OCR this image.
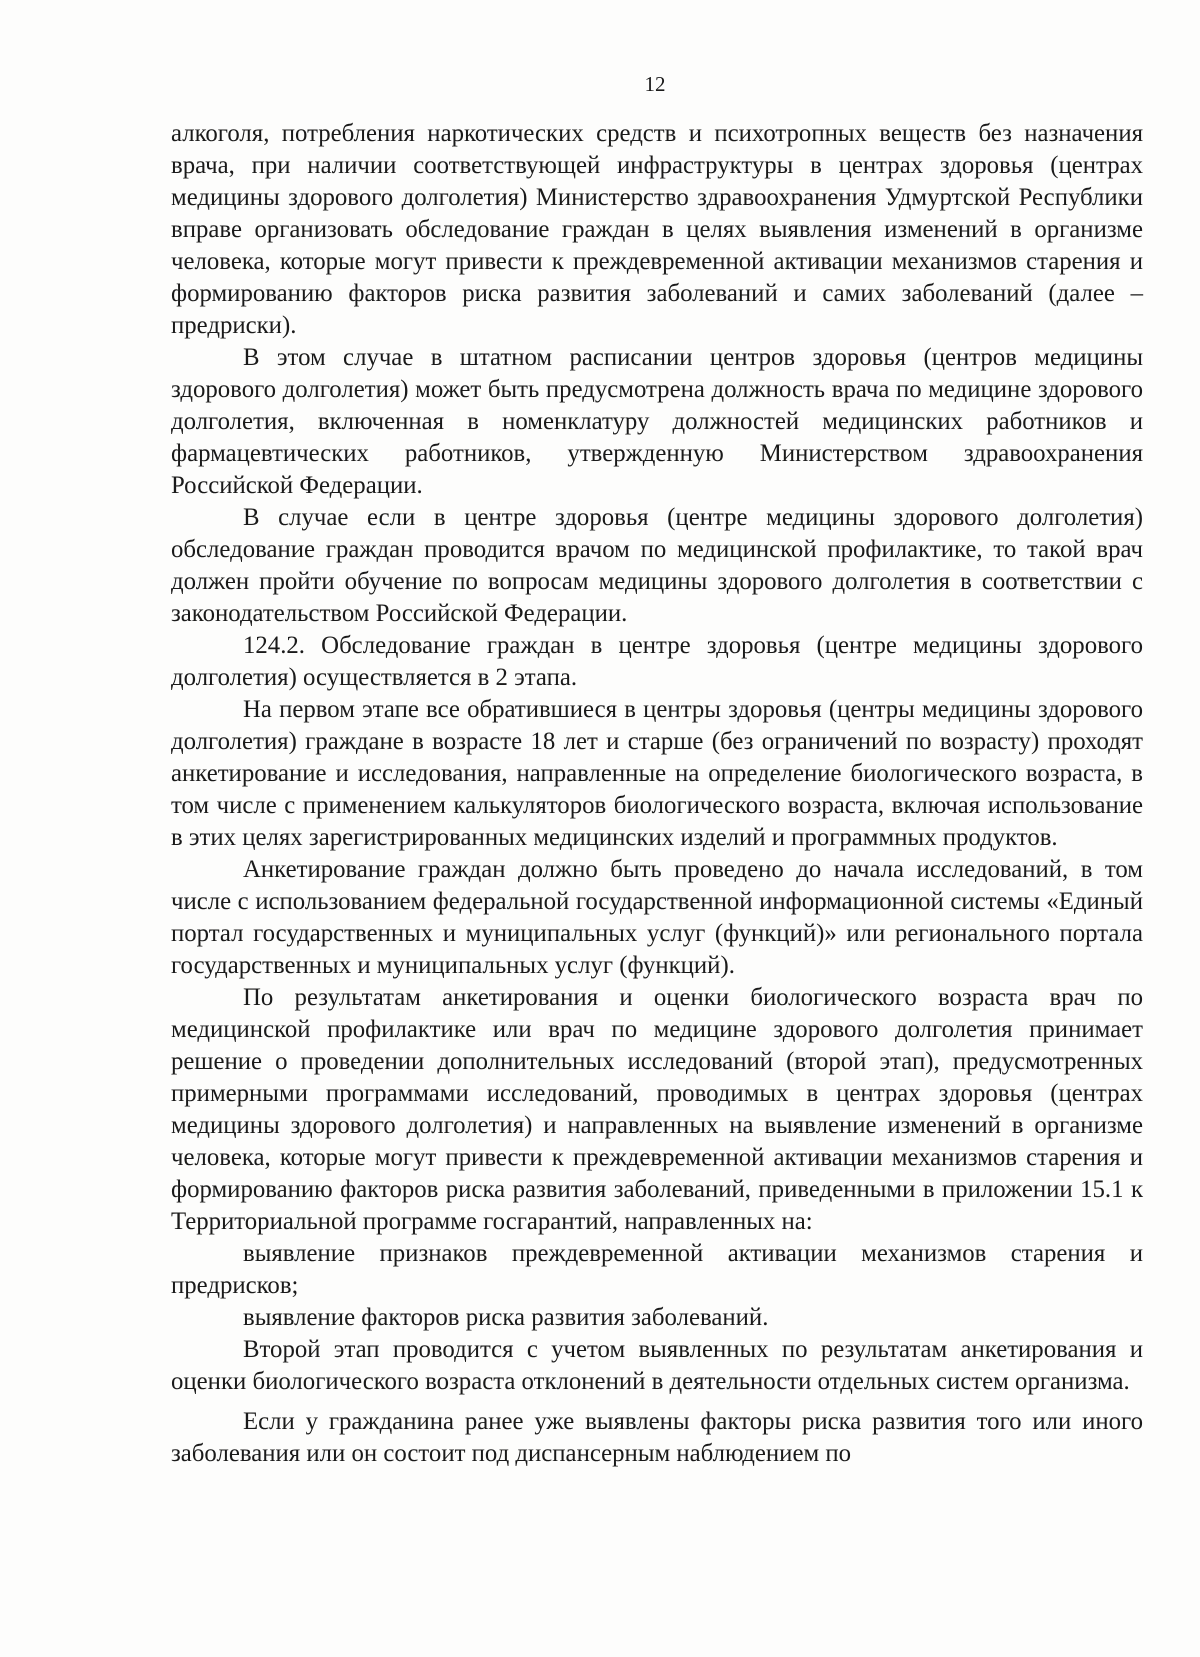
12

алкоголя, потребления наркотических средств и психотропных веществ без назначения врача, при наличии соответствующей инфраструктуры в центрах здоровья (центрах медицины здорового долголетия) Министерство здравоохранения Удмуртской Республики вправе организовать обследование граждан в целях выявления изменений в организме человека, которые могут привести к преждевременной активации механизмов старения и формированию факторов риска развития заболеваний и самих заболеваний (далее – предриски).

В этом случае в штатном расписании центров здоровья (центров медицины здорового долголетия) может быть предусмотрена должность врача по медицине здорового долголетия, включенная в номенклатуру должностей медицинских работников и фармацевтических работников, утвержденную Министерством здравоохранения Российской Федерации.

В случае если в центре здоровья (центре медицины здорового долголетия) обследование граждан проводится врачом по медицинской профилактике, то такой врач должен пройти обучение по вопросам медицины здорового долголетия в соответствии с законодательством Российской Федерации.

124.2. Обследование граждан в центре здоровья (центре медицины здорового долголетия) осуществляется в 2 этапа.

На первом этапе все обратившиеся в центры здоровья (центры медицины здорового долголетия) граждане в возрасте 18 лет и старше (без ограничений по возрасту) проходят анкетирование и исследования, направленные на определение биологического возраста, в том числе с применением калькуляторов биологического возраста, включая использование в этих целях зарегистрированных медицинских изделий и программных продуктов.

Анкетирование граждан должно быть проведено до начала исследований, в том числе с использованием федеральной государственной информационной системы «Единый портал государственных и муниципальных услуг (функций)» или регионального портала государственных и муниципальных услуг (функций).

По результатам анкетирования и оценки биологического возраста врач по медицинской профилактике или врач по медицине здорового долголетия принимает решение о проведении дополнительных исследований (второй этап), предусмотренных примерными программами исследований, проводимых в центрах здоровья (центрах медицины здорового долголетия) и направленных на выявление изменений в организме человека, которые могут привести к преждевременной активации механизмов старения и формированию факторов риска развития заболеваний, приведенными в приложении 15.1 к Территориальной программе госгарантий, направленных на:

выявление признаков преждевременной активации механизмов старения и предрисков;

выявление факторов риска развития заболеваний.

Второй этап проводится с учетом выявленных по результатам анкетирования и оценки биологического возраста отклонений в деятельности отдельных систем организма.

Если у гражданина ранее уже выявлены факторы риска развития того или иного заболевания или он состоит под диспансерным наблюдением по
